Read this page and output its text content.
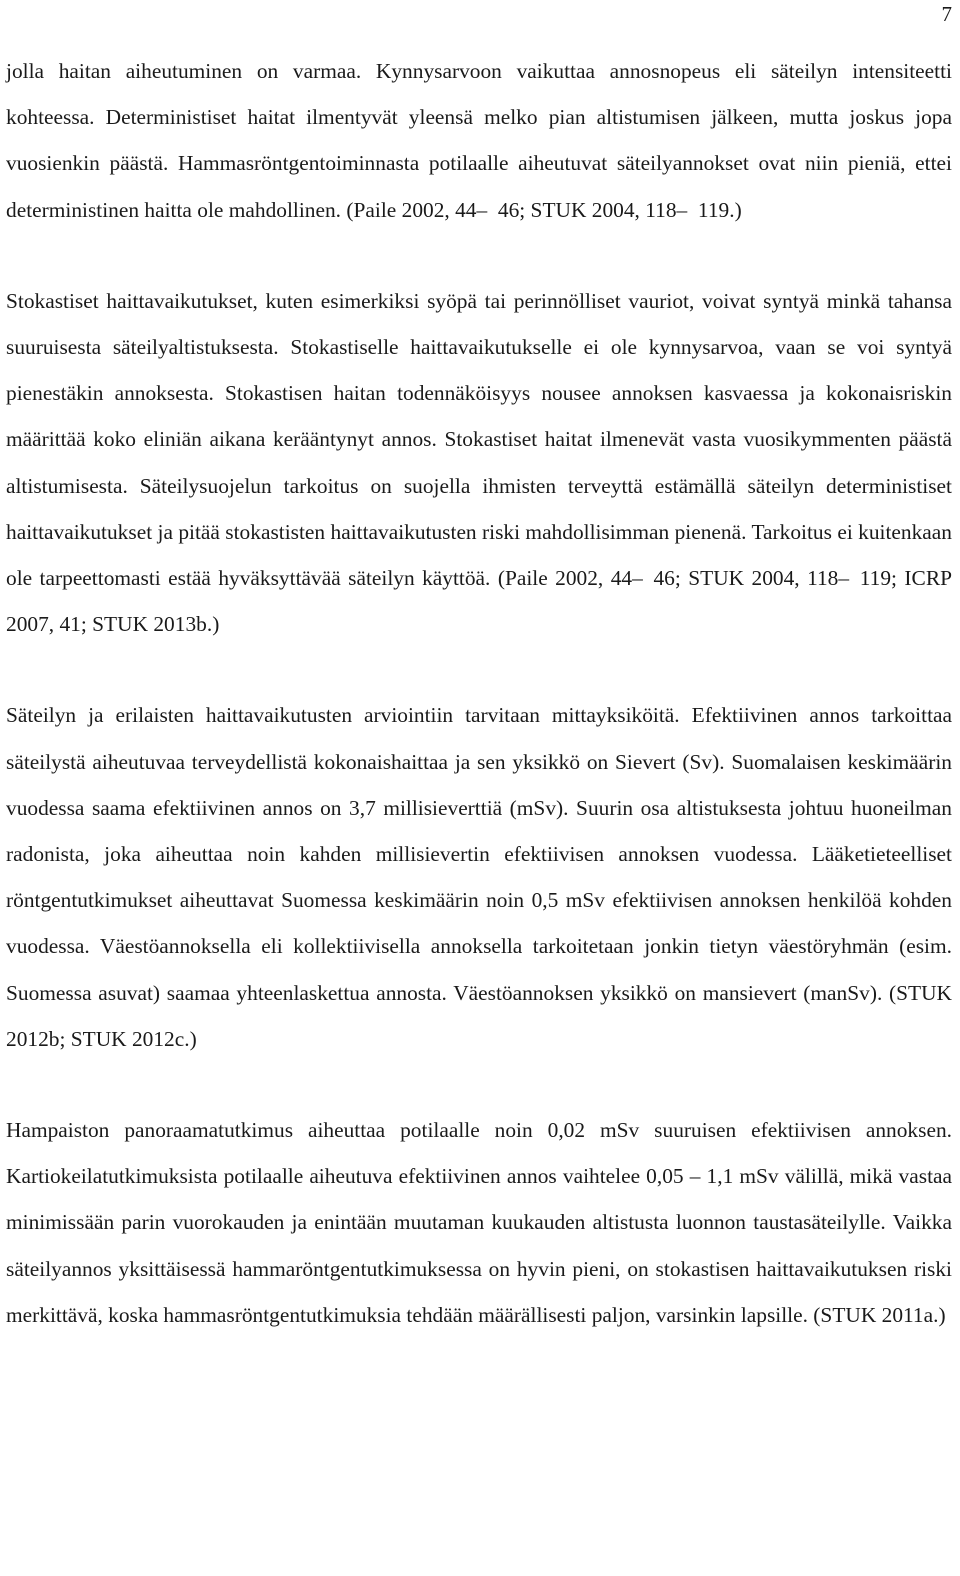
7

jolla haitan aiheutuminen on varmaa. Kynnysarvoon vaikuttaa annosnopeus eli säteilyn intensiteetti kohteessa. Deterministiset haitat ilmentyvät yleensä melko pian altistumisen jälkeen, mutta joskus jopa vuosienkin päästä. Hammasröntgentoiminnasta potilaalle aiheutuvat säteilyannokset ovat niin pieniä, ettei deterministinen haitta ole mahdollinen. (Paile 2002, 44– 46; STUK 2004, 118– 119.)

Stokastiset haittavaikutukset, kuten esimerkiksi syöpä tai perinnölliset vauriot, voivat syntyä minkä tahansa suuruisesta säteilyaltistuksesta. Stokastiselle haittavaikutukselle ei ole kynnysarvoa, vaan se voi syntyä pienestäkin annoksesta. Stokastisen haitan todennäköisyys nousee annoksen kasvaessa ja kokonaisriskin määrittää koko eliniän aikana kerääntynyt annos. Stokastiset haitat ilmenevät vasta vuosikymmenten päästä altistumisesta. Säteilysuojelun tarkoitus on suojella ihmisten terveyttä estämällä säteilyn deterministiset haittavaikutukset ja pitää stokastisten haittavaikutusten riski mahdollisimman pienenä. Tarkoitus ei kuitenkaan ole tarpeettomasti estää hyväksyttävää säteilyn käyttöä. (Paile 2002, 44– 46; STUK 2004, 118– 119; ICRP 2007, 41; STUK 2013b.)

Säteilyn ja erilaisten haittavaikutusten arviointiin tarvitaan mittayksiköitä. Efektiivinen annos tarkoittaa säteilystä aiheutuvaa terveydellistä kokonaishaittaa ja sen yksikkö on Sievert (Sv). Suomalaisen keskimäärin vuodessa saama efektiivinen annos on 3,7 millisieverttiä (mSv). Suurin osa altistuksesta johtuu huoneilman radonista, joka aiheuttaa noin kahden millisievertin efektiivisen annoksen vuodessa. Lääketieteelliset röntgentutkimukset aiheuttavat Suomessa keskimäärin noin 0,5 mSv efektiivisen annoksen henkilöä kohden vuodessa. Väestöannoksella eli kollektiivisella annoksella tarkoitetaan jonkin tietyn väestöryhmän (esim. Suomessa asuvat) saamaa yhteenlaskettua annosta. Väestöannoksen yksikkö on mansievert (manSv). (STUK 2012b; STUK 2012c.)

Hampaiston panoraamatutkimus aiheuttaa potilaalle noin 0,02 mSv suuruisen efektiivisen annoksen. Kartiokeilatutkimuksista potilaalle aiheutuva efektiivinen annos vaihtelee 0,05 – 1,1 mSv välillä, mikä vastaa minimissään parin vuorokauden ja enintään muutaman kuukauden altistusta luonnon taustasäteilylle. Vaikka säteilyannos yksittäisessä hammaröntgentutkimuksessa on hyvin pieni, on stokastisen haittavaikutuksen riski merkittävä, koska hammasröntgentutkimuksia tehdään määrällisesti paljon, varsinkin lapsille. (STUK 2011a.)
